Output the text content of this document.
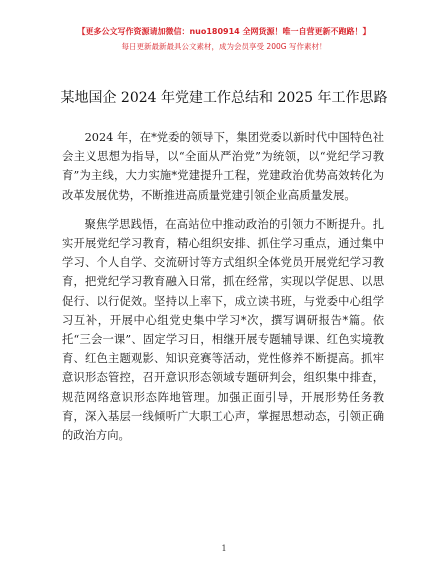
【更多公文写作资源请加微信：nuo180914 全网货源！唯一自营更新不跑路！】
每日更新最新最具公文素材，成为会员享受 200G 写作素材！
某地国企 2024 年党建工作总结和 2025 年工作思路

2024 年，在*党委的领导下，集团党委以新时代中国特色社会主义思想为指导，以“全面从严治党”为统领，以“党纪学习教育”为主线，大力实施*党建提升工程，党建政治优势高效转化为改革发展优势，不断推进高质量党建引领企业高质量发展。

聚焦学思践悟，在高站位中推动政治的引领力不断提升。扎实开展党纪学习教育，精心组织安排、抓住学习重点，通过集中学习、个人自学、交流研讨等方式组织全体党员开展党纪学习教育，把党纪学习教育融入日常，抓在经常，实现以学促思、以思促行、以行促效。坚持以上率下，成立读书班，与党委中心组学习互补，开展中心组党史集中学习*次，撰写调研报告*篇。依托“三会一课”、固定学习日，相继开展专题辅导课、红色实境教育、红色主题观影、知识竞赛等活动，党性修养不断提高。抓牢意识形态管控，召开意识形态领域专题研判会，组织集中排查，规范网络意识形态阵地管理。加强正面引导，开展形势任务教育，深入基层一线倾听广大职工心声，掌握思想动态，引领正确的政治方向。

1
